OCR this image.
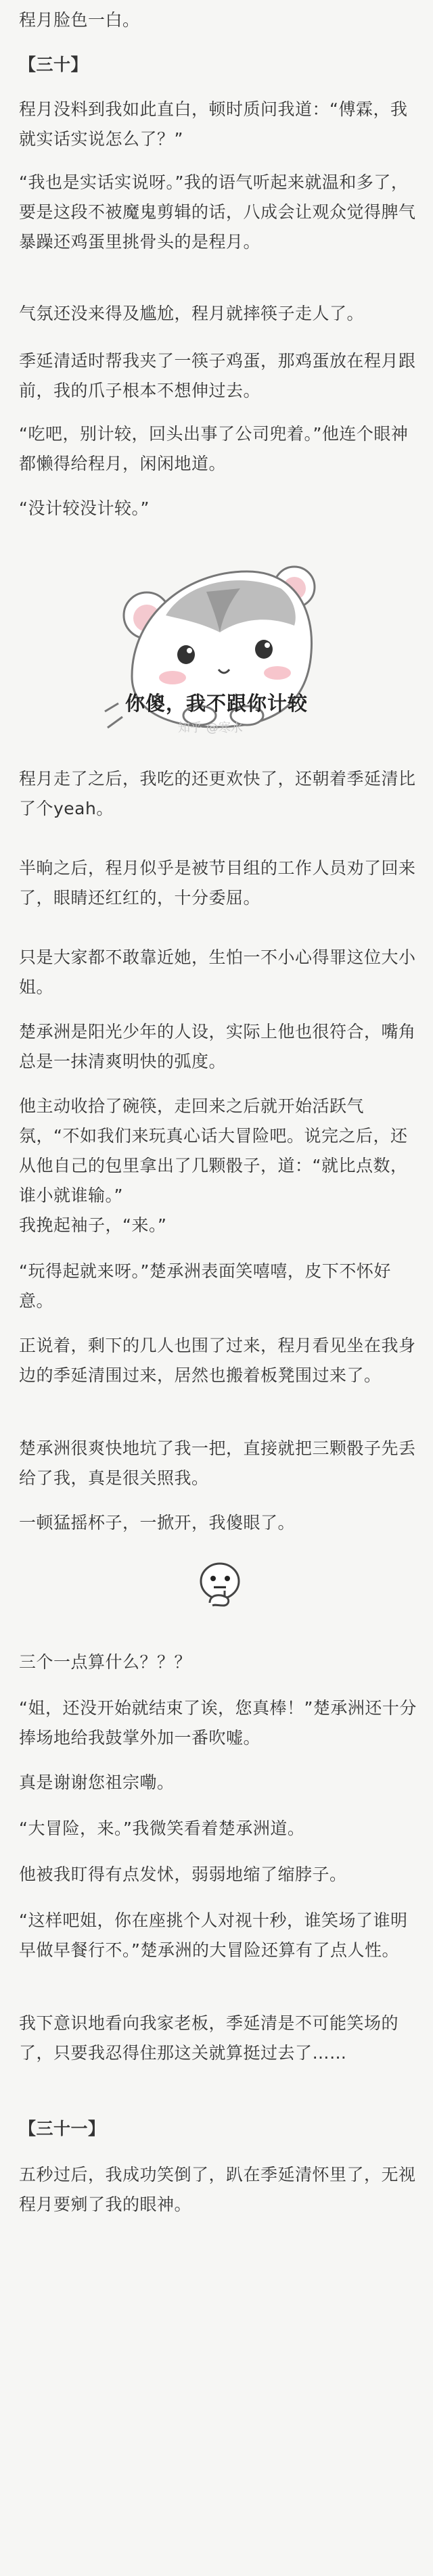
程月脸色一白。

【三十】

程月没料到我如此直白，顿时质问我道：“傅霖，我就实话实说怎么了？”

“我也是实话实说呀。”我的语气听起来就温和多了，要是这段不被魔鬼剪辑的话，八成会让观众觉得脾气暴躁还鸡蛋里挑骨头的是程月。

气氛还没来得及尴尬，程月就摔筷子走人了。

季延清适时帮我夹了一筷子鸡蛋，那鸡蛋放在程月跟前，我的爪子根本不想伸过去。

“吃吧，别计较，回头出事了公司兜着。”他连个眼神都懒得给程月，闲闲地道。

“没计较没计较。”

你傻，我不跟你计较
知乎 @寒水

程月走了之后，我吃的还更欢快了，还朝着季延清比了个yeah。

半晌之后，程月似乎是被节目组的工作人员劝了回来了，眼睛还红红的，十分委屈。

只是大家都不敢靠近她，生怕一不小心得罪这位大小姐。

楚承洲是阳光少年的人设，实际上他也很符合，嘴角总是一抹清爽明快的弧度。

他主动收拾了碗筷，走回来之后就开始活跃气氛，“不如我们来玩真心话大冒险吧。说完之后，还从他自己的包里拿出了几颗骰子，道：“就比点数，谁小就谁输。”

我挽起袖子，“来。”

“玩得起就来呀。”楚承洲表面笑嘻嘻，皮下不怀好意。

正说着，剩下的几人也围了过来，程月看见坐在我身边的季延清围过来，居然也搬着板凳围过来了。

楚承洲很爽快地坑了我一把，直接就把三颗骰子先丢给了我，真是很关照我。

一顿猛摇杯子，一掀开，我傻眼了。

三个一点算什么？？？

“姐，还没开始就结束了诶，您真棒！”楚承洲还十分捧场地给我鼓掌外加一番吹嘘。

真是谢谢您祖宗嘞。

“大冒险，来。”我微笑看着楚承洲道。

他被我盯得有点发怵，弱弱地缩了缩脖子。

“这样吧姐，你在座挑个人对视十秒，谁笑场了谁明早做早餐行不。”楚承洲的大冒险还算有了点人性。

我下意识地看向我家老板，季延清是不可能笑场的了，只要我忍得住那这关就算挺过去了……

【三十一】

五秒过后，我成功笑倒了，趴在季延清怀里了，无视程月要剜了我的眼神。
